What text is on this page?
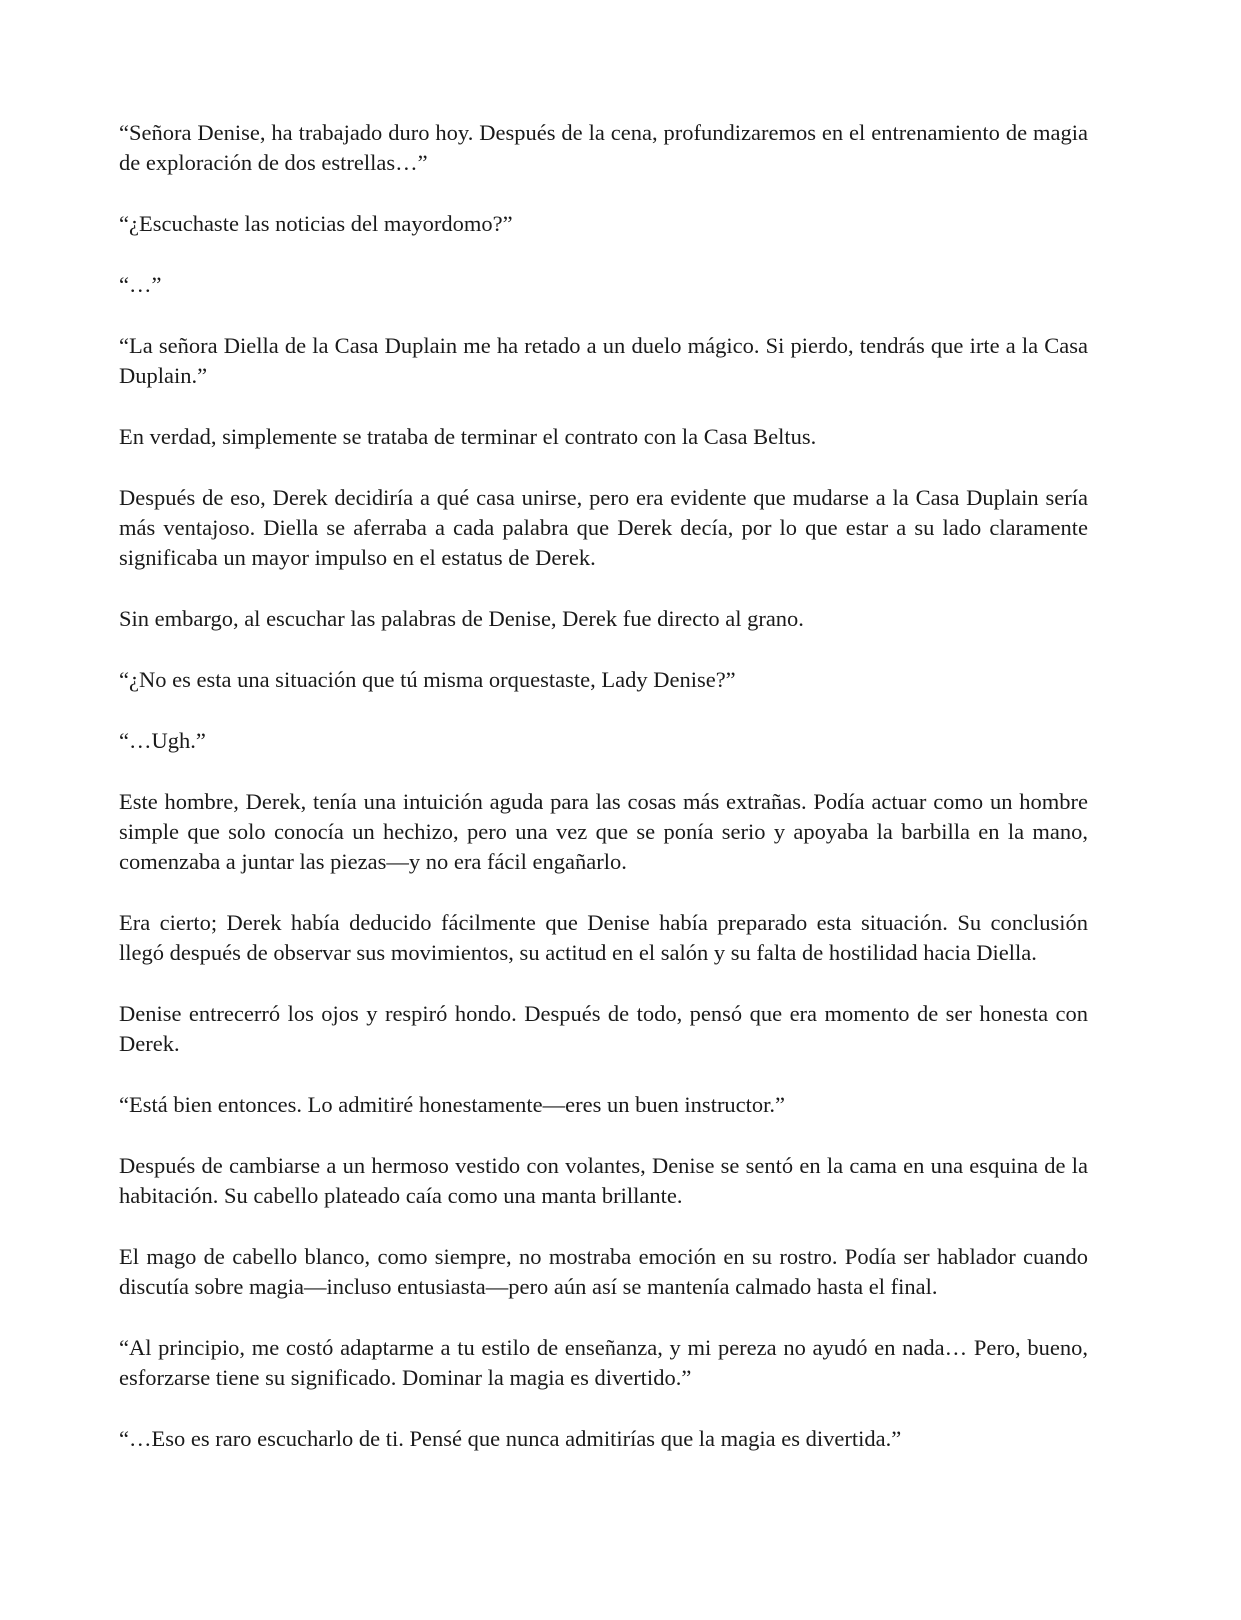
“Señora Denise, ha trabajado duro hoy. Después de la cena, profundizaremos en el entrenamiento de magia de exploración de dos estrellas…”

“¿Escuchaste las noticias del mayordomo?”

“…”

“La señora Diella de la Casa Duplain me ha retado a un duelo mágico. Si pierdo, tendrás que irte a la Casa Duplain.”

En verdad, simplemente se trataba de terminar el contrato con la Casa Beltus.

Después de eso, Derek decidiría a qué casa unirse, pero era evidente que mudarse a la Casa Duplain sería más ventajoso. Diella se aferraba a cada palabra que Derek decía, por lo que estar a su lado claramente significaba un mayor impulso en el estatus de Derek.

Sin embargo, al escuchar las palabras de Denise, Derek fue directo al grano.

“¿No es esta una situación que tú misma orquestaste, Lady Denise?”

“…Ugh.”

Este hombre, Derek, tenía una intuición aguda para las cosas más extrañas. Podía actuar como un hombre simple que solo conocía un hechizo, pero una vez que se ponía serio y apoyaba la barbilla en la mano, comenzaba a juntar las piezas—y no era fácil engañarlo.

Era cierto; Derek había deducido fácilmente que Denise había preparado esta situación. Su conclusión llegó después de observar sus movimientos, su actitud en el salón y su falta de hostilidad hacia Diella.

Denise entrecerró los ojos y respiró hondo. Después de todo, pensó que era momento de ser honesta con Derek.

“Está bien entonces. Lo admitiré honestamente—eres un buen instructor.”

Después de cambiarse a un hermoso vestido con volantes, Denise se sentó en la cama en una esquina de la habitación. Su cabello plateado caía como una manta brillante.

El mago de cabello blanco, como siempre, no mostraba emoción en su rostro. Podía ser hablador cuando discutía sobre magia—incluso entusiasta—pero aún así se mantenía calmado hasta el final.

“Al principio, me costó adaptarme a tu estilo de enseñanza, y mi pereza no ayudó en nada… Pero, bueno, esforzarse tiene su significado. Dominar la magia es divertido.”

“…Eso es raro escucharlo de ti. Pensé que nunca admitirías que la magia es divertida.”
